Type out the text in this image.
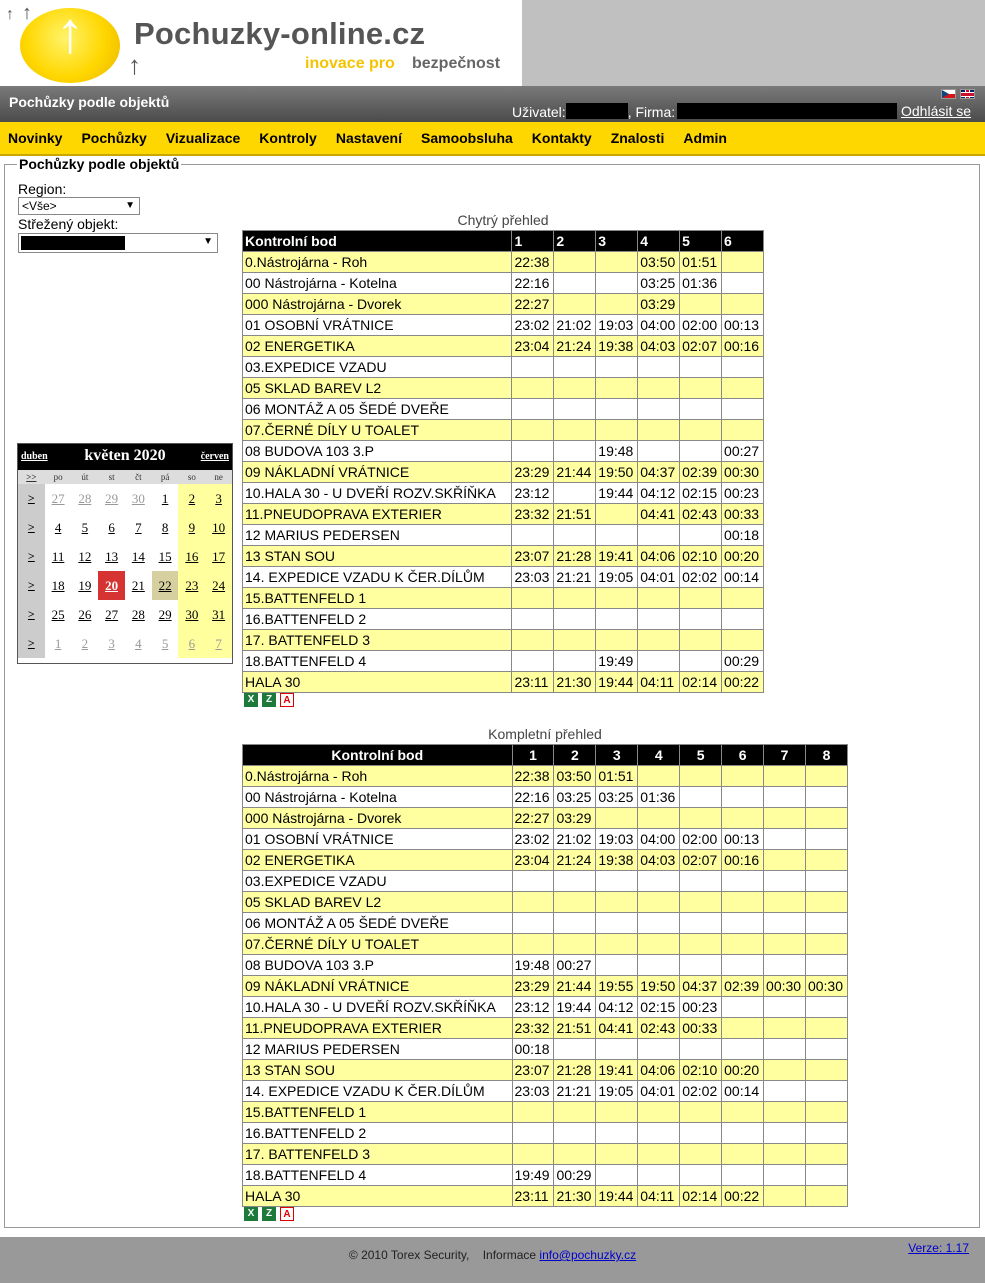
↑ ↑ ↑	↑
Pochuzky-online.cz
inovace pro bezpečnost
Pochůzky podle objektů
Uživatel:	, Firma:	Odhlásit se
Novinky Pochůzky Vizualizace Kontroly Nastavení Samoobsluha Kontakty Znalosti Admin
Pochůzky podle objektů
Region:
<Vše>	▼
Střežený objekt:
▼
duben	květen 2020	červen
>>	po	út	st	čt	pá	so	ne
>	27	28	29	30	1	2	3
>	4	5	6	7	8	9	10
>	11	12	13	14	15	16	17
>	18	19	20	21	22	23	24
>	25	26	27	28	29	30	31
>	1	2	3	4	5	6	7
Chytrý přehled
Kontrolní bod	1	2	3	4	5	6
0.Nástrojárna - Roh	22:38			03:50	01:51	
00 Nástrojárna - Kotelna	22:16			03:25	01:36	
000 Nástrojárna - Dvorek	22:27			03:29		
01 OSOBNÍ VRÁTNICE	23:02	21:02	19:03	04:00	02:00	00:13
02 ENERGETIKA	23:04	21:24	19:38	04:03	02:07	00:16
03.EXPEDICE VZADU						
05 SKLAD BAREV L2						
06 MONTÁŽ A 05 ŠEDÉ DVEŘE						
07.ČERNÉ DÍLY U TOALET						
08 BUDOVA 103 3.P			19:48			00:27
09 NÁKLADNÍ VRÁTNICE	23:29	21:44	19:50	04:37	02:39	00:30
10.HALA 30 - U DVEŘÍ ROZV.SKŘÍŇKA	23:12		19:44	04:12	02:15	00:23
11.PNEUDOPRAVA EXTERIER	23:32	21:51		04:41	02:43	00:33
12 MARIUS PEDERSEN						00:18
13 STAN SOU	23:07	21:28	19:41	04:06	02:10	00:20
14. EXPEDICE VZADU K ČER.DÍLŮM	23:03	21:21	19:05	04:01	02:02	00:14
15.BATTENFELD 1						
16.BATTENFELD 2						
17. BATTENFELD 3						
18.BATTENFELD 4			19:49			00:29
HALA 30	23:11	21:30	19:44	04:11	02:14	00:22
X	Z	A
Kompletní přehled
Kontrolní bod	1	2	3	4	5	6	7	8
0.Nástrojárna - Roh	22:38	03:50	01:51					
00 Nástrojárna - Kotelna	22:16	03:25	03:25	01:36				
000 Nástrojárna - Dvorek	22:27	03:29						
01 OSOBNÍ VRÁTNICE	23:02	21:02	19:03	04:00	02:00	00:13		
02 ENERGETIKA	23:04	21:24	19:38	04:03	02:07	00:16		
03.EXPEDICE VZADU								
05 SKLAD BAREV L2								
06 MONTÁŽ A 05 ŠEDÉ DVEŘE								
07.ČERNÉ DÍLY U TOALET								
08 BUDOVA 103 3.P	19:48	00:27						
09 NÁKLADNÍ VRÁTNICE	23:29	21:44	19:55	19:50	04:37	02:39	00:30	00:30
10.HALA 30 - U DVEŘÍ ROZV.SKŘÍŇKA	23:12	19:44	04:12	02:15	00:23			
11.PNEUDOPRAVA EXTERIER	23:32	21:51	04:41	02:43	00:33			
12 MARIUS PEDERSEN	00:18							
13 STAN SOU	23:07	21:28	19:41	04:06	02:10	00:20		
14. EXPEDICE VZADU K ČER.DÍLŮM	23:03	21:21	19:05	04:01	02:02	00:14		
15.BATTENFELD 1								
16.BATTENFELD 2								
17. BATTENFELD 3								
18.BATTENFELD 4	19:49	00:29						
HALA 30	23:11	21:30	19:44	04:11	02:14	00:22		
X	Z	A
© 2010 Torex Security, Informace info@pochuzky.cz	Verze: 1.17
